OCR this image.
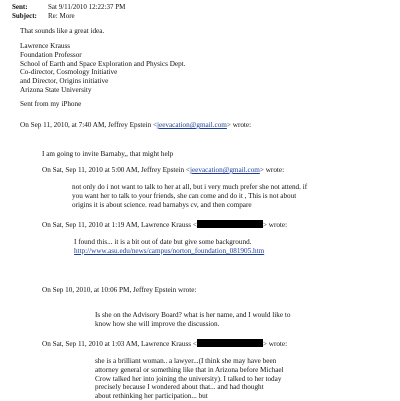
Sent:	Sat 9/11/2010 12:22:37 PM
Subject: Re: More
That sounds like a great idea.
Lawrence Krauss
Foundation Professor
School of Earth and Space Exploration and Physics Dept.
Co-director, Cosmology Initiative
and Director, Origins initiative
Arizona State University
Sent from my iPhone
On Sep 11, 2010, at 7:40 AM, Jeffrey Epstein <jeevacation@gmail.com> wrote:
I am going to invite Barnaby,, that might help
On Sat, Sep 11, 2010 at 5:00 AM, Jeffrey Epstein <jeevacation@gmail.com> wrote:
not only do i not want to talk to her at all, but i very much prefer she not attend. if
you want her to talk to your friends, she can come and do it , This is not about
origins it is about science. read barnabys cv, and then compare
On Sat, Sep 11, 2010 at 1:19 AM, Lawrence Krauss <	> wrote:
I found this... it is a bit out of date but give some background.
http://www.asu.edu/news/campus/norton_foundation_081905.htm
On Sep 10, 2010, at 10:06 PM, Jeffrey Epstein wrote:
Is she on the Advisory Board? what is her name, and I would like to
know how she will improve the discussion.
On Sat, Sep 11, 2010 at 1:03 AM, Lawrence Krauss <	> wrote:
she is a brilliant woman.. a lawyer...(I think she may have been
attorney general or something like that in Arizona before Michael
Crow talked her into joining the university). I talked to her today
precisely because I wondered about that... and had thought
about rethinking her participation... but
